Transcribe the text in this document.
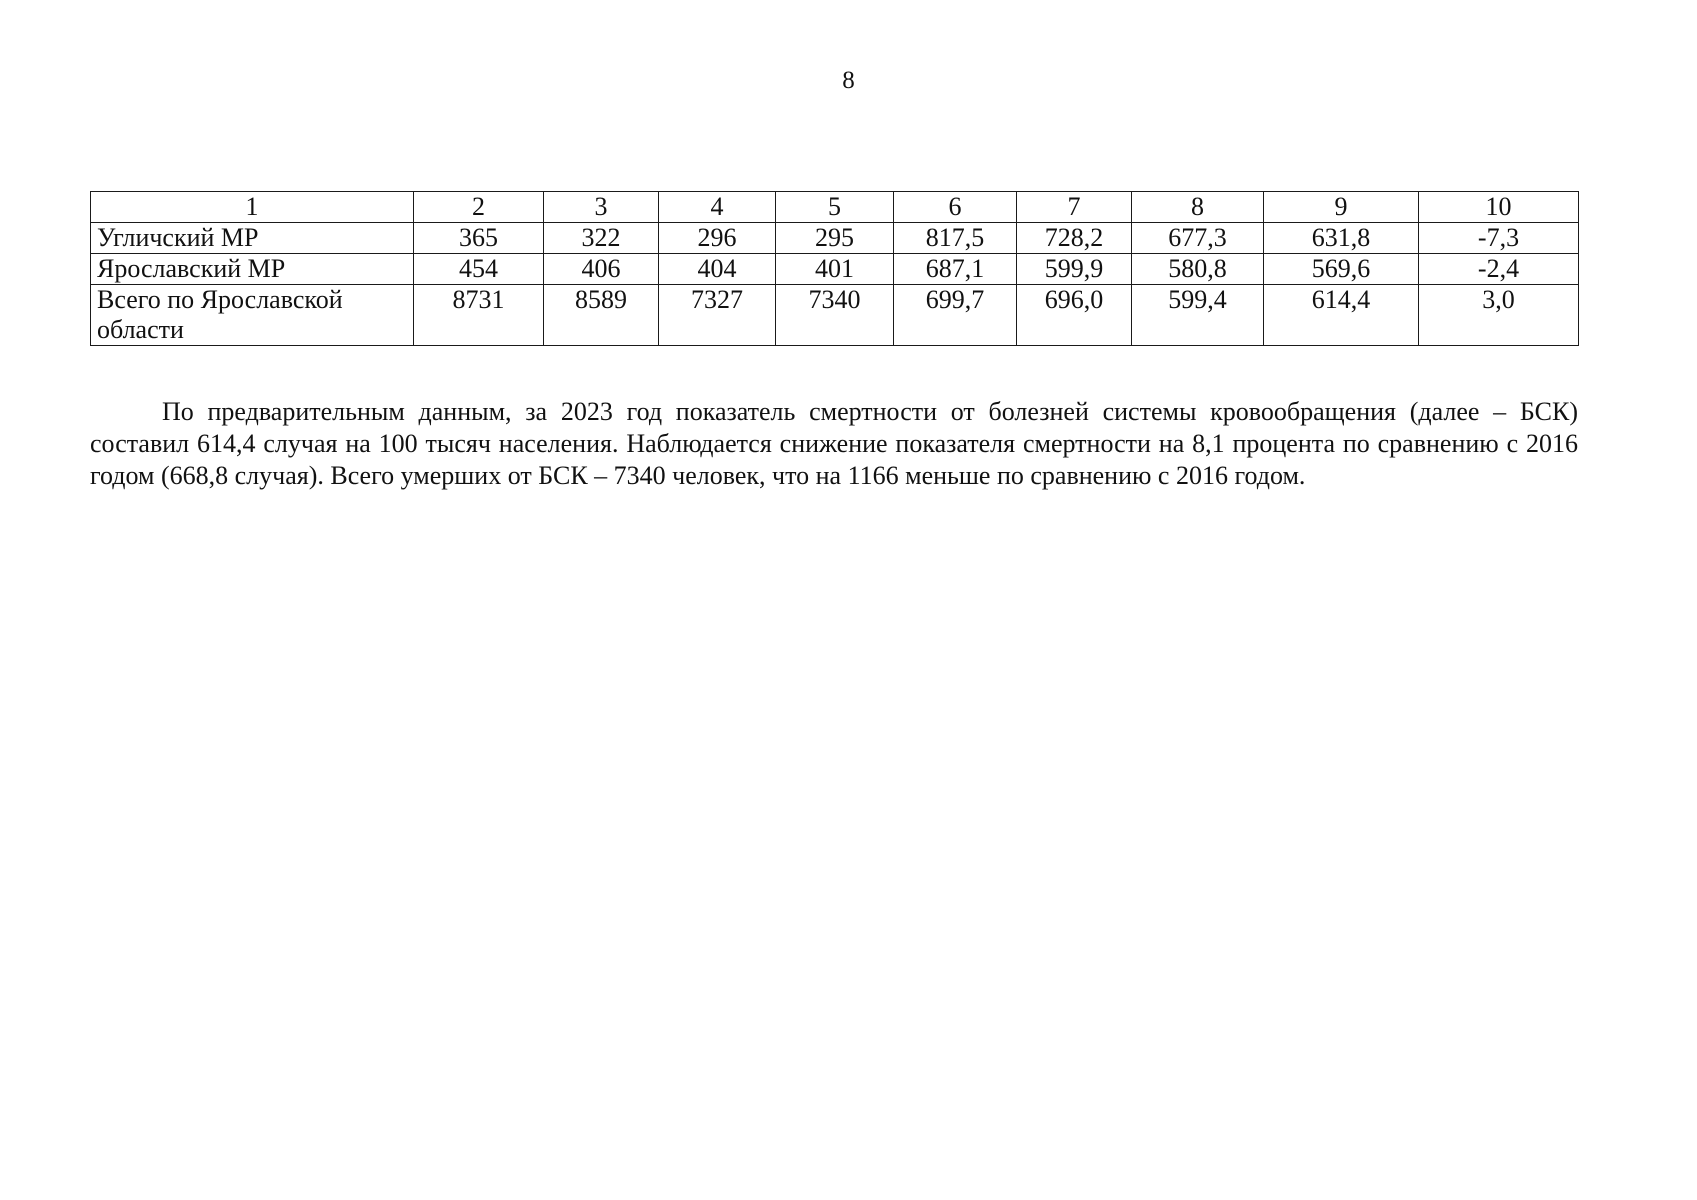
8
1	2	3	4	5	6	7	8	9	10
Угличский МР	365	322	296	295	817,5	728,2	677,3	631,8	-7,3
Ярославский МР	454	406	404	401	687,1	599,9	580,8	569,6	-2,4
Всего по Ярославской области	8731	8589	7327	7340	699,7	696,0	599,4	614,4	3,0

По предварительным данным, за 2023 год показатель смертности от болезней системы кровообращения (далее – БСК) составил 614,4 случая на 100 тысяч населения. Наблюдается снижение показателя смертности на 8,1 процента по сравнению с 2016 годом (668,8 случая). Всего умерших от БСК – 7340 человек, что на 1166 меньше по сравнению с 2016 годом.
